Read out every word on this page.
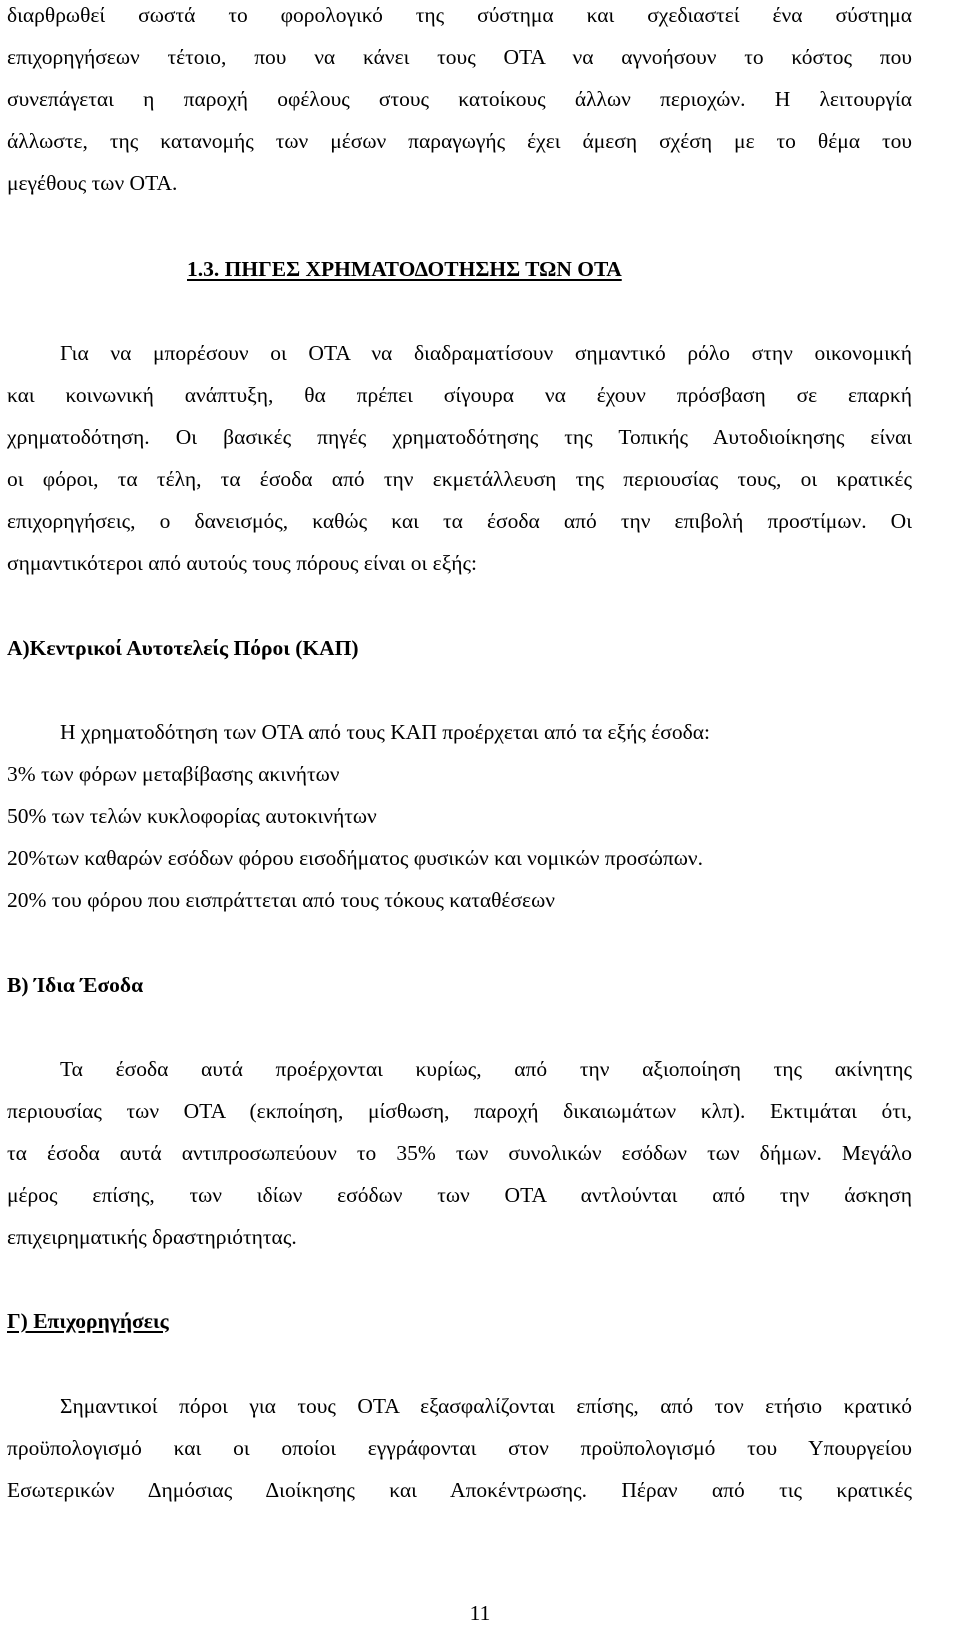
διαρθρωθεί σωστά το φορολογικό της σύστημα και σχεδιαστεί ένα σύστημα
επιχορηγήσεων τέτοιο, που να κάνει τους ΟΤΑ να αγνοήσουν το κόστος που
συνεπάγεται η παροχή οφέλους στους κατοίκους άλλων περιοχών. Η λειτουργία
άλλωστε, της κατανομής των μέσων παραγωγής έχει άμεση σχέση με το θέμα του
μεγέθους των ΟΤΑ.
1.3. ΠΗΓΕΣ ΧΡΗΜΑΤΟΔΟΤΗΣΗΣ ΤΩΝ ΟΤΑ
Για να μπορέσουν οι ΟΤΑ να διαδραματίσουν σημαντικό ρόλο στην οικονομική
και κοινωνική ανάπτυξη, θα πρέπει σίγουρα να έχουν πρόσβαση σε επαρκή
χρηματοδότηση. Οι βασικές πηγές χρηματοδότησης της Τοπικής Αυτοδιοίκησης είναι
οι φόροι, τα τέλη, τα έσοδα από την εκμετάλλευση της περιουσίας τους, οι κρατικές
επιχορηγήσεις, ο δανεισμός, καθώς και τα έσοδα από την επιβολή προστίμων. Οι
σημαντικότεροι από αυτούς τους πόρους είναι οι εξής:
Α)Κεντρικοί Αυτοτελείς Πόροι (ΚΑΠ)
Η χρηματοδότηση των ΟΤΑ από τους ΚΑΠ προέρχεται από τα εξής έσοδα:
3% των φόρων μεταβίβασης ακινήτων
50% των τελών κυκλοφορίας αυτοκινήτων
20%των καθαρών εσόδων φόρου εισοδήματος φυσικών και νομικών προσώπων.
20% του φόρου που εισπράττεται από τους τόκους καταθέσεων
Β) Ίδια Έσοδα
Τα έσοδα αυτά προέρχονται κυρίως, από την αξιοποίηση της ακίνητης
περιουσίας των ΟΤΑ (εκποίηση, μίσθωση, παροχή δικαιωμάτων κλπ). Εκτιμάται ότι,
τα έσοδα αυτά αντιπροσωπεύουν το 35% των συνολικών εσόδων των δήμων. Μεγάλο
μέρος επίσης, των ιδίων εσόδων των ΟΤΑ αντλούνται από την άσκηση
επιχειρηματικής δραστηριότητας.
Γ) Επιχορηγήσεις
Σημαντικοί πόροι για τους ΟΤΑ εξασφαλίζονται επίσης, από τον ετήσιο κρατικό
προϋπολογισμό και οι οποίοι εγγράφονται στον προϋπολογισμό του Υπουργείου
Εσωτερικών Δημόσιας Διοίκησης και Αποκέντρωσης. Πέραν από τις κρατικές
11
